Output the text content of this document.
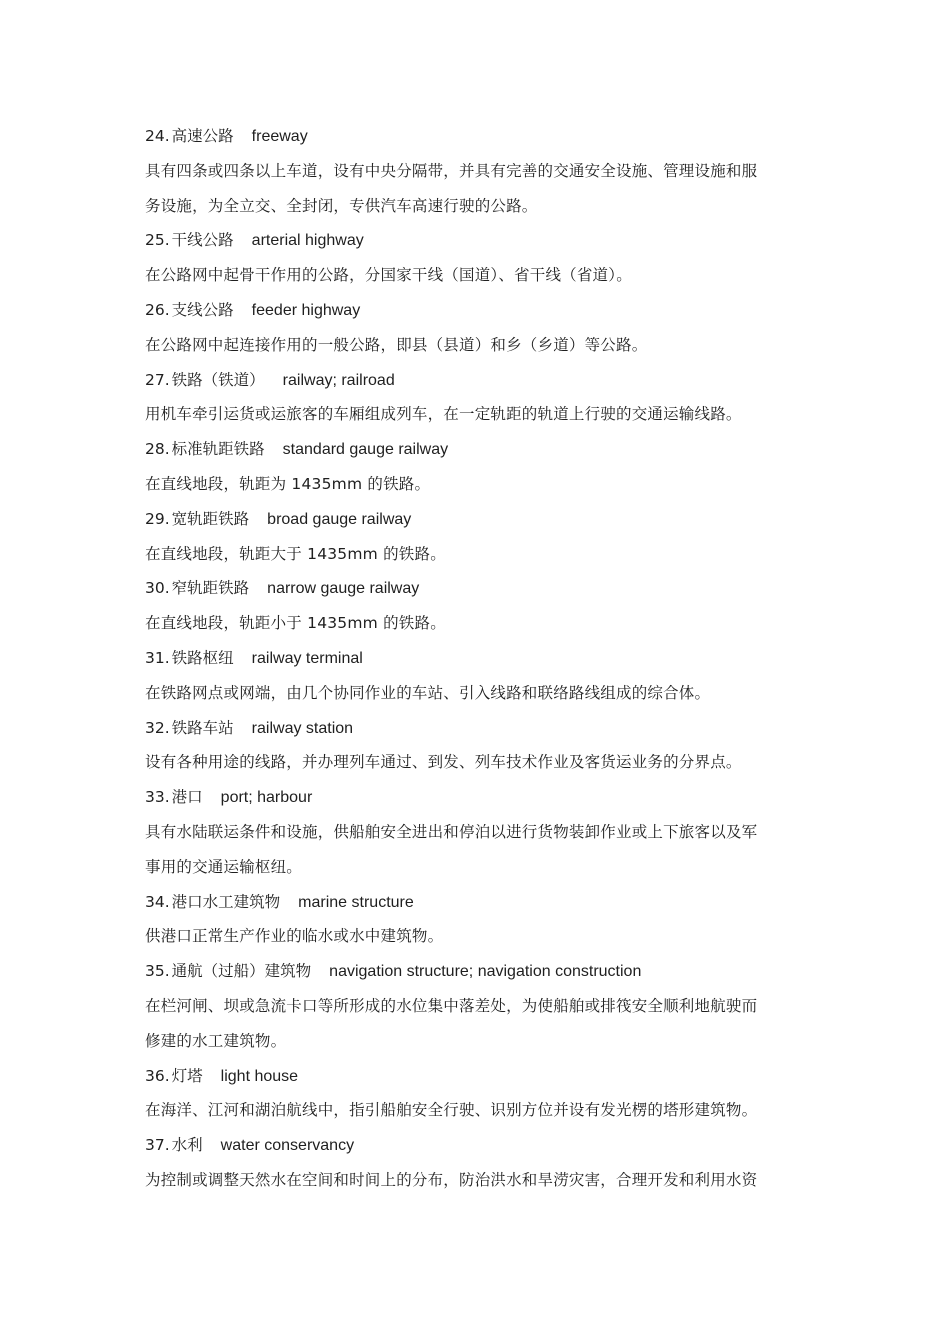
24. 高速公路 freeway
具有四条或四条以上车道，设有中央分隔带，并具有完善的交通安全设施、管理设施和服
务设施，为全立交、全封闭，专供汽车高速行驶的公路。
25. 干线公路 arterial highway
在公路网中起骨干作用的公路，分国家干线（国道）、省干线（省道）。
26. 支线公路 feeder highway
在公路网中起连接作用的一般公路，即县（县道）和乡（乡道）等公路。
27. 铁路（铁道） railway; railroad
用机车牵引运货或运旅客的车厢组成列车，在一定轨距的轨道上行驶的交通运输线路。
28. 标准轨距铁路 standard gauge railway
在直线地段，轨距为 1435mm 的铁路。
29. 宽轨距铁路 broad gauge railway
在直线地段，轨距大于 1435mm 的铁路。
30. 窄轨距铁路 narrow gauge railway
在直线地段，轨距小于 1435mm 的铁路。
31. 铁路枢纽 railway terminal
在铁路网点或网端，由几个协同作业的车站、引入线路和联络路线组成的综合体。
32. 铁路车站 railway station
设有各种用途的线路，并办理列车通过、到发、列车技术作业及客货运业务的分界点。
33. 港口 port; harbour
具有水陆联运条件和设施，供船舶安全进出和停泊以进行货物装卸作业或上下旅客以及军
事用的交通运输枢纽。
34. 港口水工建筑物 marine structure
供港口正常生产作业的临水或水中建筑物。
35. 通航（过船）建筑物 navigation structure; navigation construction
在栏河闸、坝或急流卡口等所形成的水位集中落差处，为使船舶或排筏安全顺利地航驶而
修建的水工建筑物。
36. 灯塔 light house
在海洋、江河和湖泊航线中，指引船舶安全行驶、识别方位并设有发光楞的塔形建筑物。
37. 水利 water conservancy
为控制或调整天然水在空间和时间上的分布，防治洪水和旱涝灾害，合理开发和利用水资
